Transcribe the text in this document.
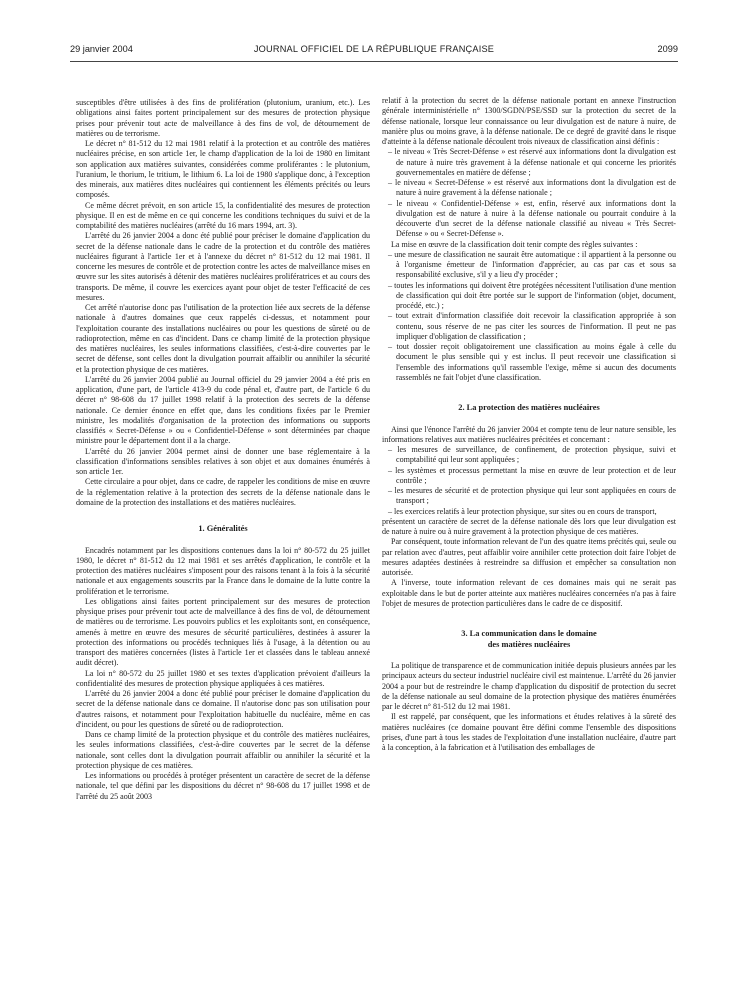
29 janvier 2004	JOURNAL OFFICIEL DE LA RÉPUBLIQUE FRANÇAISE	2099

susceptibles d'être utilisées à des fins de prolifération (plutonium, uranium, etc.). Les obligations ainsi faites portent principalement sur des mesures de protection physique prises pour prévenir tout acte de malveillance à des fins de vol, de détournement de matières ou de terrorisme.

Le décret n° 81-512 du 12 mai 1981 relatif à la protection et au contrôle des matières nucléaires précise, en son article 1er, le champ d'application de la loi de 1980 en limitant son application aux matières suivantes, considérées comme proliférantes : le plutonium, l'uranium, le thorium, le tritium, le lithium 6. La loi de 1980 s'applique donc, à l'exception des minerais, aux matières dites nucléaires qui contiennent les éléments précités ou leurs composés.

Ce même décret prévoit, en son article 15, la confidentialité des mesures de protection physique. Il en est de même en ce qui concerne les conditions techniques du suivi et de la comptabilité des matières nucléaires (arrêté du 16 mars 1994, art. 3).

L'arrêté du 26 janvier 2004 a donc été publié pour préciser le domaine d'application du secret de la défense nationale dans le cadre de la protection et du contrôle des matières nucléaires figurant à l'article 1er et à l'annexe du décret n° 81-512 du 12 mai 1981. Il concerne les mesures de contrôle et de protection contre les actes de malveillance mises en œuvre sur les sites autorisés à détenir des matières nucléaires prolifératrices et au cours des transports. De même, il couvre les exercices ayant pour objet de tester l'efficacité de ces mesures.

Cet arrêté n'autorise donc pas l'utilisation de la protection liée aux secrets de la défense nationale à d'autres domaines que ceux rappelés ci-dessus, et notamment pour l'exploitation courante des installations nucléaires ou pour les questions de sûreté ou de radioprotection, même en cas d'incident. Dans ce champ limité de la protection physique des matières nucléaires, les seules informations classifiées, c'est-à-dire couvertes par le secret de défense, sont celles dont la divulgation pourrait affaiblir ou annihiler la sécurité et la protection physique de ces matières.

L'arrêté du 26 janvier 2004 publié au Journal officiel du 29 janvier 2004 a été pris en application, d'une part, de l'article 413-9 du code pénal et, d'autre part, de l'article 6 du décret n° 98-608 du 17 juillet 1998 relatif à la protection des secrets de la défense nationale. Ce dernier énonce en effet que, dans les conditions fixées par le Premier ministre, les modalités d'organisation de la protection des informations ou supports classifiés « Secret-Défense » ou « Confidentiel-Défense » sont déterminées par chaque ministre pour le département dont il a la charge.

L'arrêté du 26 janvier 2004 permet ainsi de donner une base réglementaire à la classification d'informations sensibles relatives à son objet et aux domaines énumérés à son article 1er.

Cette circulaire a pour objet, dans ce cadre, de rappeler les conditions de mise en œuvre de la réglementation relative à la protection des secrets de la défense nationale dans le domaine de la protection des installations et des matières nucléaires.

1. Généralités

Encadrés notamment par les dispositions contenues dans la loi n° 80-572 du 25 juillet 1980, le décret n° 81-512 du 12 mai 1981 et ses arrêtés d'application, le contrôle et la protection des matières nucléaires s'imposent pour des raisons tenant à la fois à la sécurité nationale et aux engagements souscrits par la France dans le domaine de la lutte contre la prolifération et le terrorisme.

Les obligations ainsi faites portent principalement sur des mesures de protection physique prises pour prévenir tout acte de malveillance à des fins de vol, de détournement de matières ou de terrorisme. Les pouvoirs publics et les exploitants sont, en conséquence, amenés à mettre en œuvre des mesures de sécurité particulières, destinées à assurer la protection des informations ou procédés techniques liés à l'usage, à la détention ou au transport des matières concernées (listes à l'article 1er et classées dans le tableau annexé audit décret).

La loi n° 80-572 du 25 juillet 1980 et ses textes d'application prévoient d'ailleurs la confidentialité des mesures de protection physique appliquées à ces matières.

L'arrêté du 26 janvier 2004 a donc été publié pour préciser le domaine d'application du secret de la défense nationale dans ce domaine. Il n'autorise donc pas son utilisation pour d'autres raisons, et notamment pour l'exploitation habituelle du nucléaire, même en cas d'incident, ou pour les questions de sûreté ou de radioprotection.

Dans ce champ limité de la protection physique et du contrôle des matières nucléaires, les seules informations classifiées, c'est-à-dire couvertes par le secret de la défense nationale, sont celles dont la divulgation pourrait affaiblir ou annihiler la sécurité et la protection physique de ces matières.

Les informations ou procédés à protéger présentent un caractère de secret de la défense nationale, tel que défini par les dispositions du décret n° 98-608 du 17 juillet 1998 et de l'arrêté du 25 août 2003

relatif à la protection du secret de la défense nationale portant en annexe l'instruction générale interministérielle n° 1300/SGDN/PSE/SSD sur la protection du secret de la défense nationale, lorsque leur connaissance ou leur divulgation est de nature à nuire, de manière plus ou moins grave, à la défense nationale. De ce degré de gravité dans le risque d'atteinte à la défense nationale découlent trois niveaux de classification ainsi définis :

– le niveau « Très Secret-Défense » est réservé aux informations dont la divulgation est de nature à nuire très gravement à la défense nationale et qui concerne les priorités gouvernementales en matière de défense ;
– le niveau « Secret-Défense » est réservé aux informations dont la divulgation est de nature à nuire gravement à la défense nationale ;
– le niveau « Confidentiel-Défense » est, enfin, réservé aux informations dont la divulgation est de nature à nuire à la défense nationale ou pourrait conduire à la découverte d'un secret de la défense nationale classifié au niveau « Très Secret-Défense » ou « Secret-Défense ».

La mise en œuvre de la classification doit tenir compte des règles suivantes :

– une mesure de classification ne saurait être automatique : il appartient à la personne ou à l'organisme émetteur de l'information d'apprécier, au cas par cas et sous sa responsabilité exclusive, s'il y a lieu d'y procéder ;
– toutes les informations qui doivent être protégées nécessitent l'utilisation d'une mention de classification qui doit être portée sur le support de l'information (objet, document, procédé, etc.) ;
– tout extrait d'information classifiée doit recevoir la classification appropriée à son contenu, sous réserve de ne pas citer les sources de l'information. Il peut ne pas impliquer d'obligation de classification ;
– tout dossier reçoit obligatoirement une classification au moins égale à celle du document le plus sensible qui y est inclus. Il peut recevoir une classification si l'ensemble des informations qu'il rassemble l'exige, même si aucun des documents rassemblés ne fait l'objet d'une classification.
2. La protection des matières nucléaires

Ainsi que l'énonce l'arrêté du 26 janvier 2004 et compte tenu de leur nature sensible, les informations relatives aux matières nucléaires précitées et concernant :

– les mesures de surveillance, de confinement, de protection physique, suivi et comptabilité qui leur sont appliquées ;
– les systèmes et processus permettant la mise en œuvre de leur protection et de leur contrôle ;
– les mesures de sécurité et de protection physique qui leur sont appliquées en cours de transport ;
– les exercices relatifs à leur protection physique, sur sites ou en cours de transport,

présentent un caractère de secret de la défense nationale dès lors que leur divulgation est de nature à nuire ou à nuire gravement à la protection physique de ces matières.

Par conséquent, toute information relevant de l'un des quatre items précités qui, seule ou par relation avec d'autres, peut affaiblir voire annihiler cette protection doit faire l'objet de mesures adaptées destinées à restreindre sa diffusion et empêcher sa consultation non autorisée.

A l'inverse, toute information relevant de ces domaines mais qui ne serait pas exploitable dans le but de porter atteinte aux matières nucléaires concernées n'a pas à faire l'objet de mesures de protection particulières dans le cadre de ce dispositif.

3. La communication dans le domaine
des matières nucléaires

La politique de transparence et de communication initiée depuis plusieurs années par les principaux acteurs du secteur industriel nucléaire civil est maintenue. L'arrêté du 26 janvier 2004 a pour but de restreindre le champ d'application du dispositif de protection du secret de la défense nationale au seul domaine de la protection physique des matières énumérées par le décret n° 81-512 du 12 mai 1981.

Il est rappelé, par conséquent, que les informations et études relatives à la sûreté des matières nucléaires (ce domaine pouvant être défini comme l'ensemble des dispositions prises, d'une part à tous les stades de l'exploitation d'une installation nucléaire, d'autre part à la conception, à la fabrication et à l'utilisation des emballages de
